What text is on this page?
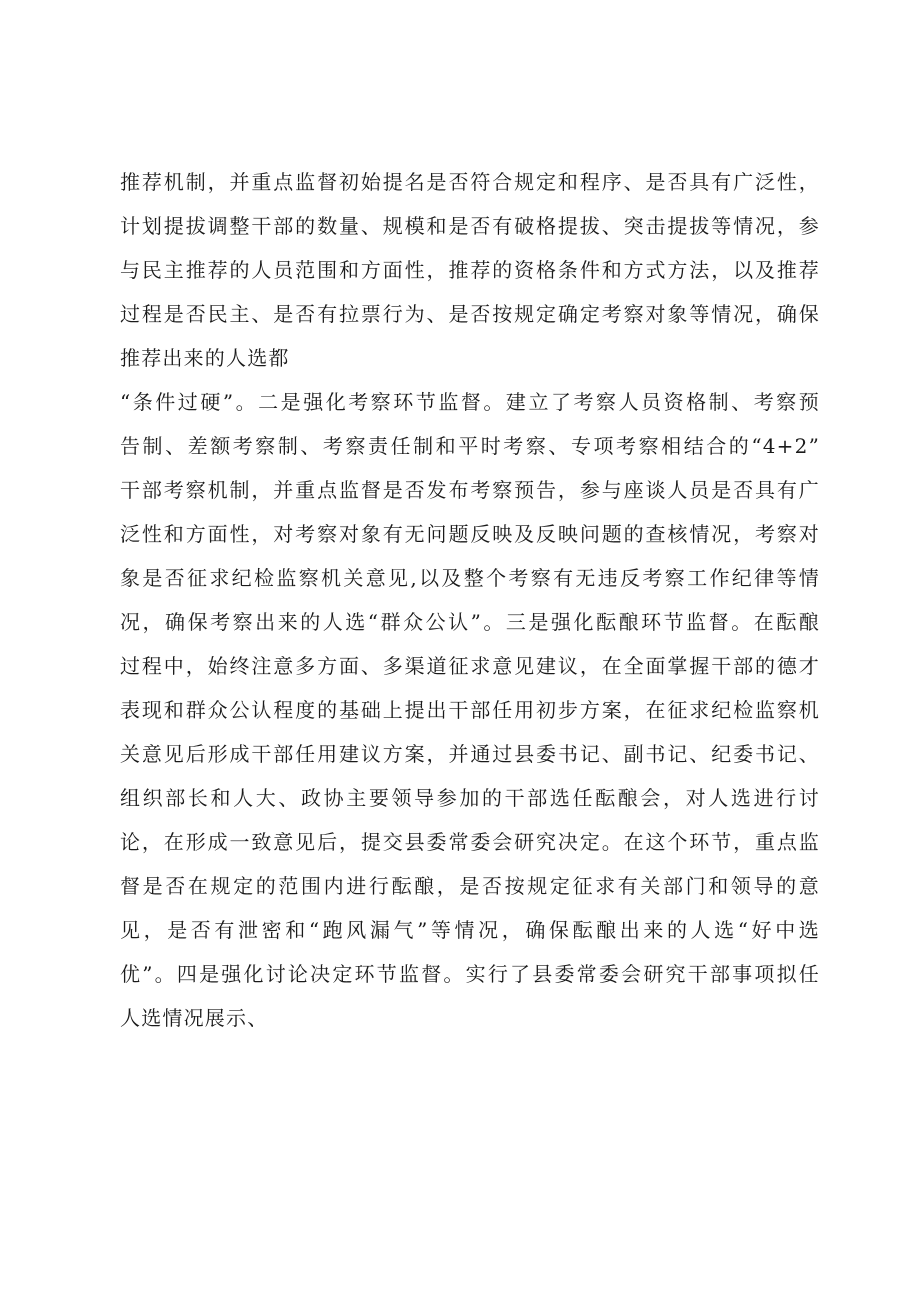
推荐机制，并重点监督初始提名是否符合规定和程序、是否具有广泛性，
计划提拔调整干部的数量、规模和是否有破格提拔、突击提拔等情况，参
与民主推荐的人员范围和方面性，推荐的资格条件和方式方法，以及推荐
过程是否民主、是否有拉票行为、是否按规定确定考察对象等情况，确保
推荐出来的人选都
“条件过硬”。二是强化考察环节监督。建立了考察人员资格制、考察预
告制、差额考察制、考察责任制和平时考察、专项考察相结合的“4+2”
干部考察机制，并重点监督是否发布考察预告，参与座谈人员是否具有广
泛性和方面性，对考察对象有无问题反映及反映问题的查核情况，考察对
象是否征求纪检监察机关意见,以及整个考察有无违反考察工作纪律等情
况，确保考察出来的人选“群众公认”。三是强化酝酿环节监督。在酝酿
过程中，始终注意多方面、多渠道征求意见建议，在全面掌握干部的德才
表现和群众公认程度的基础上提出干部任用初步方案，在征求纪检监察机
关意见后形成干部任用建议方案，并通过县委书记、副书记、纪委书记、
组织部长和人大、政协主要领导参加的干部选任酝酿会，对人选进行讨
论，在形成一致意见后，提交县委常委会研究决定。在这个环节，重点监
督是否在规定的范围内进行酝酿，是否按规定征求有关部门和领导的意
见，是否有泄密和“跑风漏气”等情况，确保酝酿出来的人选“好中选
优”。四是强化讨论决定环节监督。实行了县委常委会研究干部事项拟任
人选情况展示、
